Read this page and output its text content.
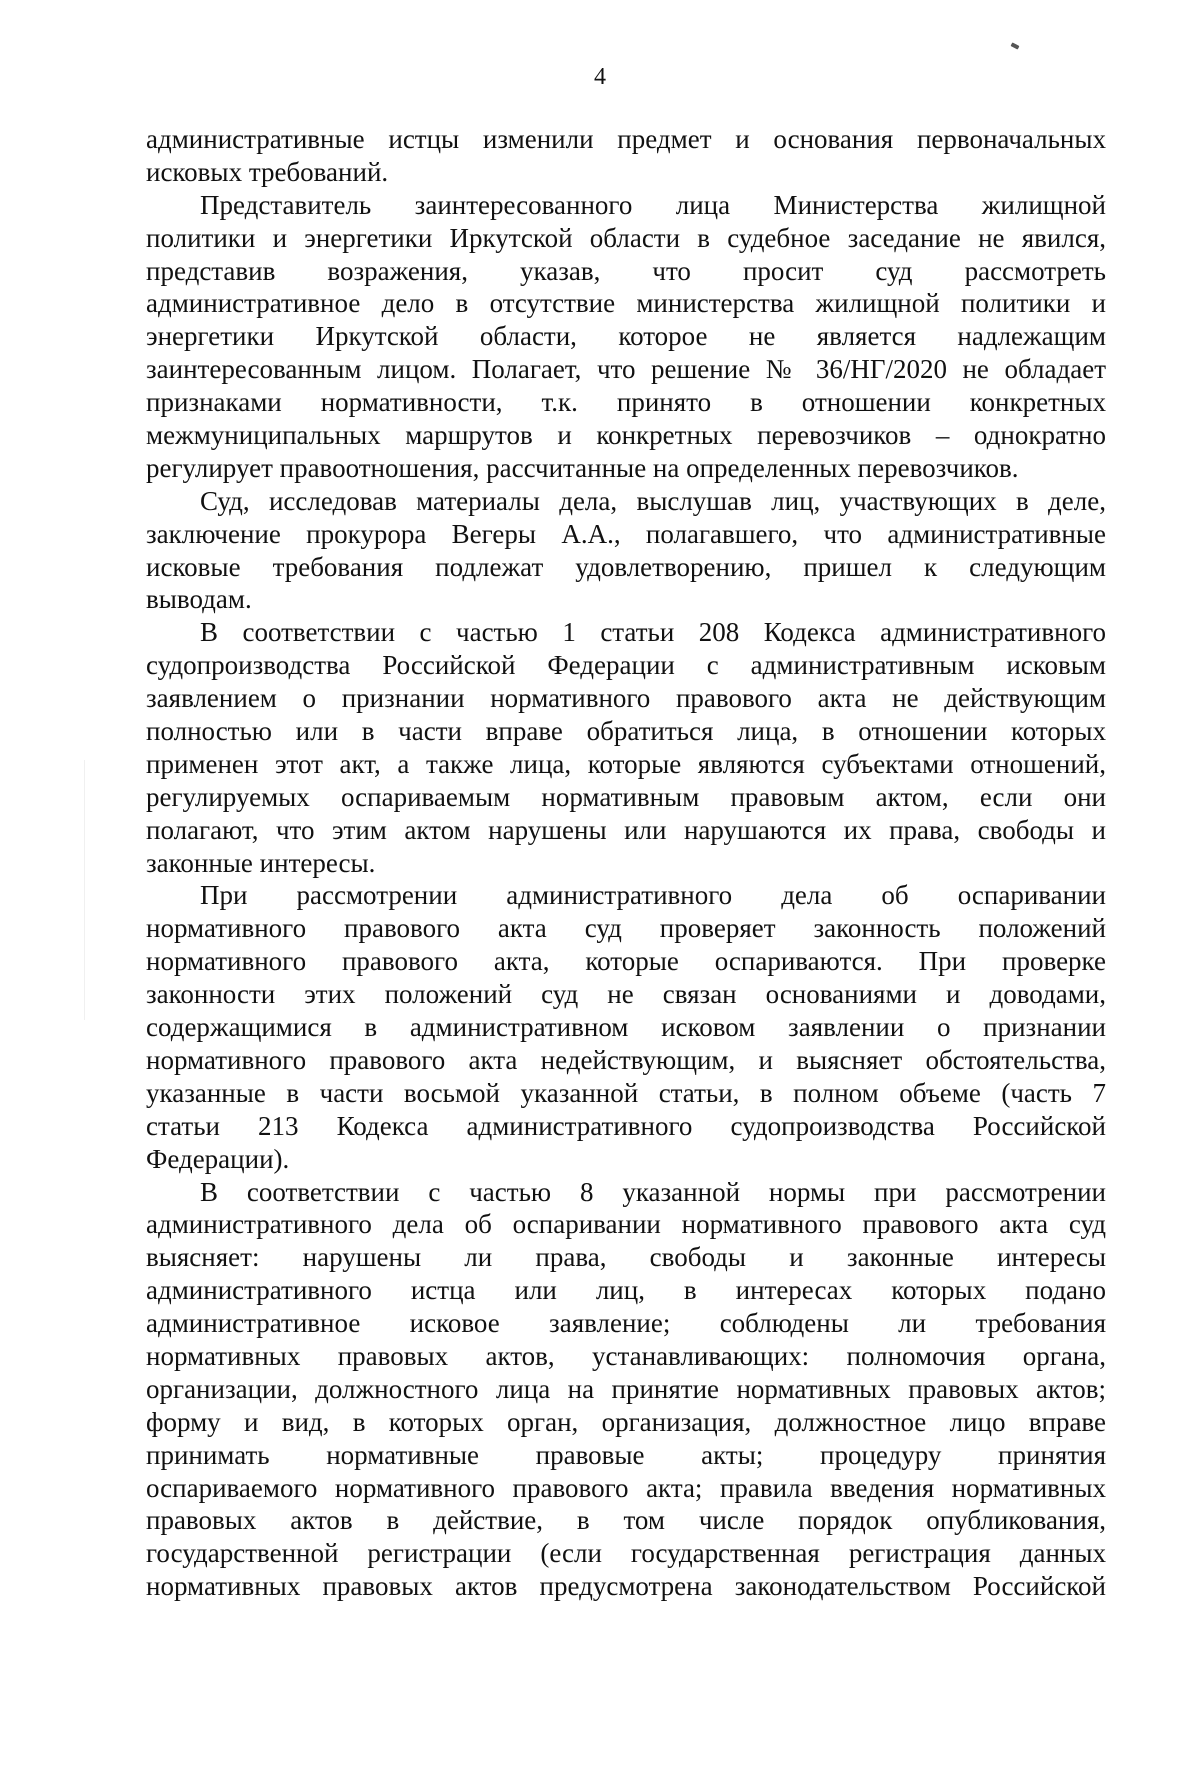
4
административные истцы изменили предмет и основания первоначальных
исковых требований.
Представитель заинтересованного лица Министерства жилищной
политики и энергетики Иркутской области в судебное заседание не явился,
представив возражения, указав, что просит суд рассмотреть
административное дело в отсутствие министерства жилищной политики и
энергетики Иркутской области, которое не является надлежащим
заинтересованным лицом. Полагает, что решение № 36/НГ/2020 не обладает
признаками нормативности, т.к. принято в отношении конкретных
межмуниципальных маршрутов и конкретных перевозчиков – однократно
регулирует правоотношения, рассчитанные на определенных перевозчиков.
Суд, исследовав материалы дела, выслушав лиц, участвующих в деле,
заключение прокурора Вегеры А.А., полагавшего, что административные
исковые требования подлежат удовлетворению, пришел к следующим
выводам.
В соответствии с частью 1 статьи 208 Кодекса административного
судопроизводства Российской Федерации с административным исковым
заявлением о признании нормативного правового акта не действующим
полностью или в части вправе обратиться лица, в отношении которых
применен этот акт, а также лица, которые являются субъектами отношений,
регулируемых оспариваемым нормативным правовым актом, если они
полагают, что этим актом нарушены или нарушаются их права, свободы и
законные интересы.
При рассмотрении административного дела об оспаривании
нормативного правового акта суд проверяет законность положений
нормативного правового акта, которые оспариваются. При проверке
законности этих положений суд не связан основаниями и доводами,
содержащимися в административном исковом заявлении о признании
нормативного правового акта недействующим, и выясняет обстоятельства,
указанные в части восьмой указанной статьи, в полном объеме (часть 7
статьи 213 Кодекса административного судопроизводства Российской
Федерации).
В соответствии с частью 8 указанной нормы при рассмотрении
административного дела об оспаривании нормативного правового акта суд
выясняет: нарушены ли права, свободы и законные интересы
административного истца или лиц, в интересах которых подано
административное исковое заявление; соблюдены ли требования
нормативных правовых актов, устанавливающих: полномочия органа,
организации, должностного лица на принятие нормативных правовых актов;
форму и вид, в которых орган, организация, должностное лицо вправе
принимать нормативные правовые акты; процедуру принятия
оспариваемого нормативного правового акта; правила введения нормативных
правовых актов в действие, в том числе порядок опубликования,
государственной регистрации (если государственная регистрация данных
нормативных правовых актов предусмотрена законодательством Российской
